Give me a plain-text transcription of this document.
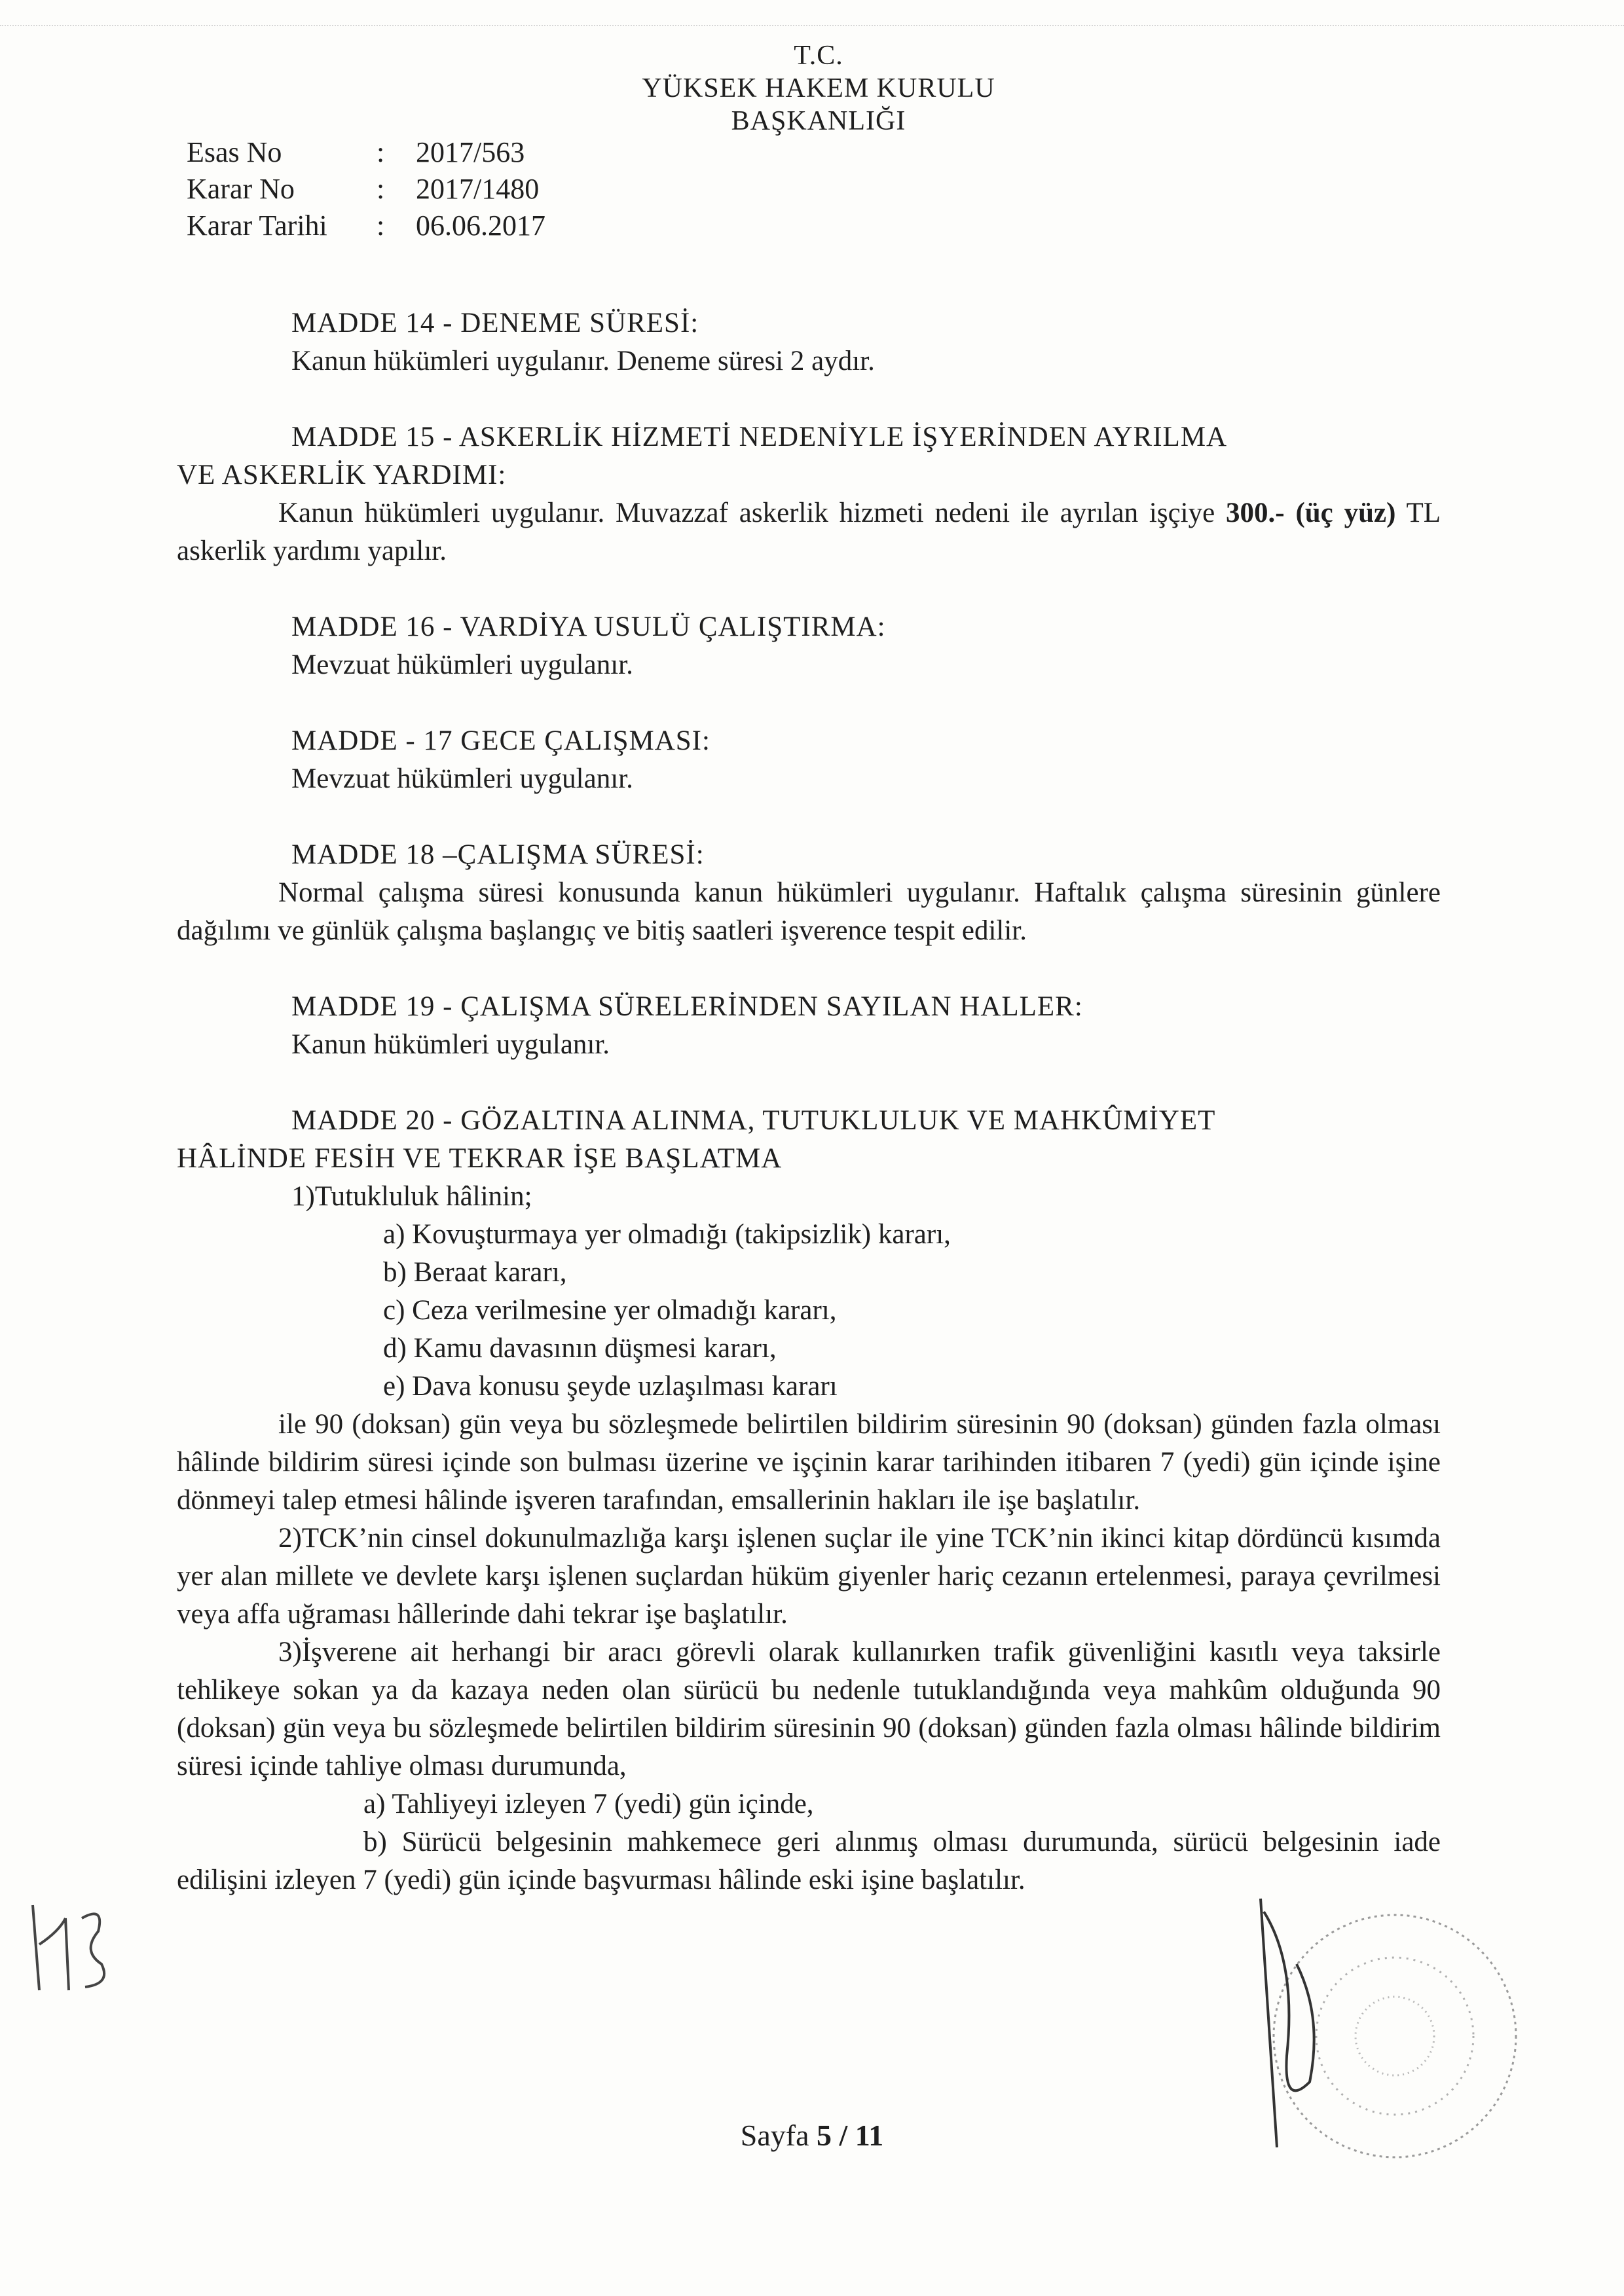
T.C.
YÜKSEK HAKEM KURULU
BAŞKANLIĞI
Esas No	:	2017/563
Karar No	:	2017/1480
Karar Tarihi	:	06.06.2017
MADDE 14 - DENEME SÜRESİ:
Kanun hükümleri uygulanır. Deneme süresi 2 aydır.
MADDE 15 - ASKERLİK HİZMETİ NEDENİYLE İŞYERİNDEN AYRILMA
VE ASKERLİK YARDIMI:
Kanun hükümleri uygulanır. Muvazzaf askerlik hizmeti nedeni ile ayrılan işçiye 300.- (üç yüz) TL askerlik yardımı yapılır.
MADDE 16 - VARDİYA USULÜ ÇALIŞTIRMA:
Mevzuat hükümleri uygulanır.
MADDE - 17 GECE ÇALIŞMASI:
Mevzuat hükümleri uygulanır.
MADDE 18 –ÇALIŞMA SÜRESİ:
Normal çalışma süresi konusunda kanun hükümleri uygulanır. Haftalık çalışma süresinin günlere dağılımı ve günlük çalışma başlangıç ve bitiş saatleri işverence tespit edilir.
MADDE 19 - ÇALIŞMA SÜRELERİNDEN SAYILAN HALLER:
Kanun hükümleri uygulanır.
MADDE 20 - GÖZALTINA ALINMA, TUTUKLULUK VE MAHKÛMİYET
HÂLİNDE FESİH VE TEKRAR İŞE BAŞLATMA
1)Tutukluluk hâlinin;
a) Kovuşturmaya yer olmadığı (takipsizlik) kararı,
b) Beraat kararı,
c) Ceza verilmesine yer olmadığı kararı,
d) Kamu davasının düşmesi kararı,
e) Dava konusu şeyde uzlaşılması kararı
ile 90 (doksan) gün veya bu sözleşmede belirtilen bildirim süresinin 90 (doksan) günden fazla olması hâlinde bildirim süresi içinde son bulması üzerine ve işçinin karar tarihinden itibaren 7 (yedi) gün içinde işine dönmeyi talep etmesi hâlinde işveren tarafından, emsallerinin hakları ile işe başlatılır.
2)TCK’nin cinsel dokunulmazlığa karşı işlenen suçlar ile yine TCK’nin ikinci kitap dördüncü kısımda yer alan millete ve devlete karşı işlenen suçlardan hüküm giyenler hariç cezanın ertelenmesi, paraya çevrilmesi veya affa uğraması hâllerinde dahi tekrar işe başlatılır.
3)İşverene ait herhangi bir aracı görevli olarak kullanırken trafik güvenliğini kasıtlı veya taksirle tehlikeye sokan ya da kazaya neden olan sürücü bu nedenle tutuklandığında veya mahkûm olduğunda 90 (doksan) gün veya bu sözleşmede belirtilen bildirim süresinin 90 (doksan) günden fazla olması hâlinde bildirim süresi içinde tahliye olması durumunda,
a) Tahliyeyi izleyen 7 (yedi) gün içinde,
b) Sürücü belgesinin mahkemece geri alınmış olması durumunda, sürücü belgesinin iade edilişini izleyen 7 (yedi) gün içinde başvurması hâlinde eski işine başlatılır.
Sayfa 5 / 11
